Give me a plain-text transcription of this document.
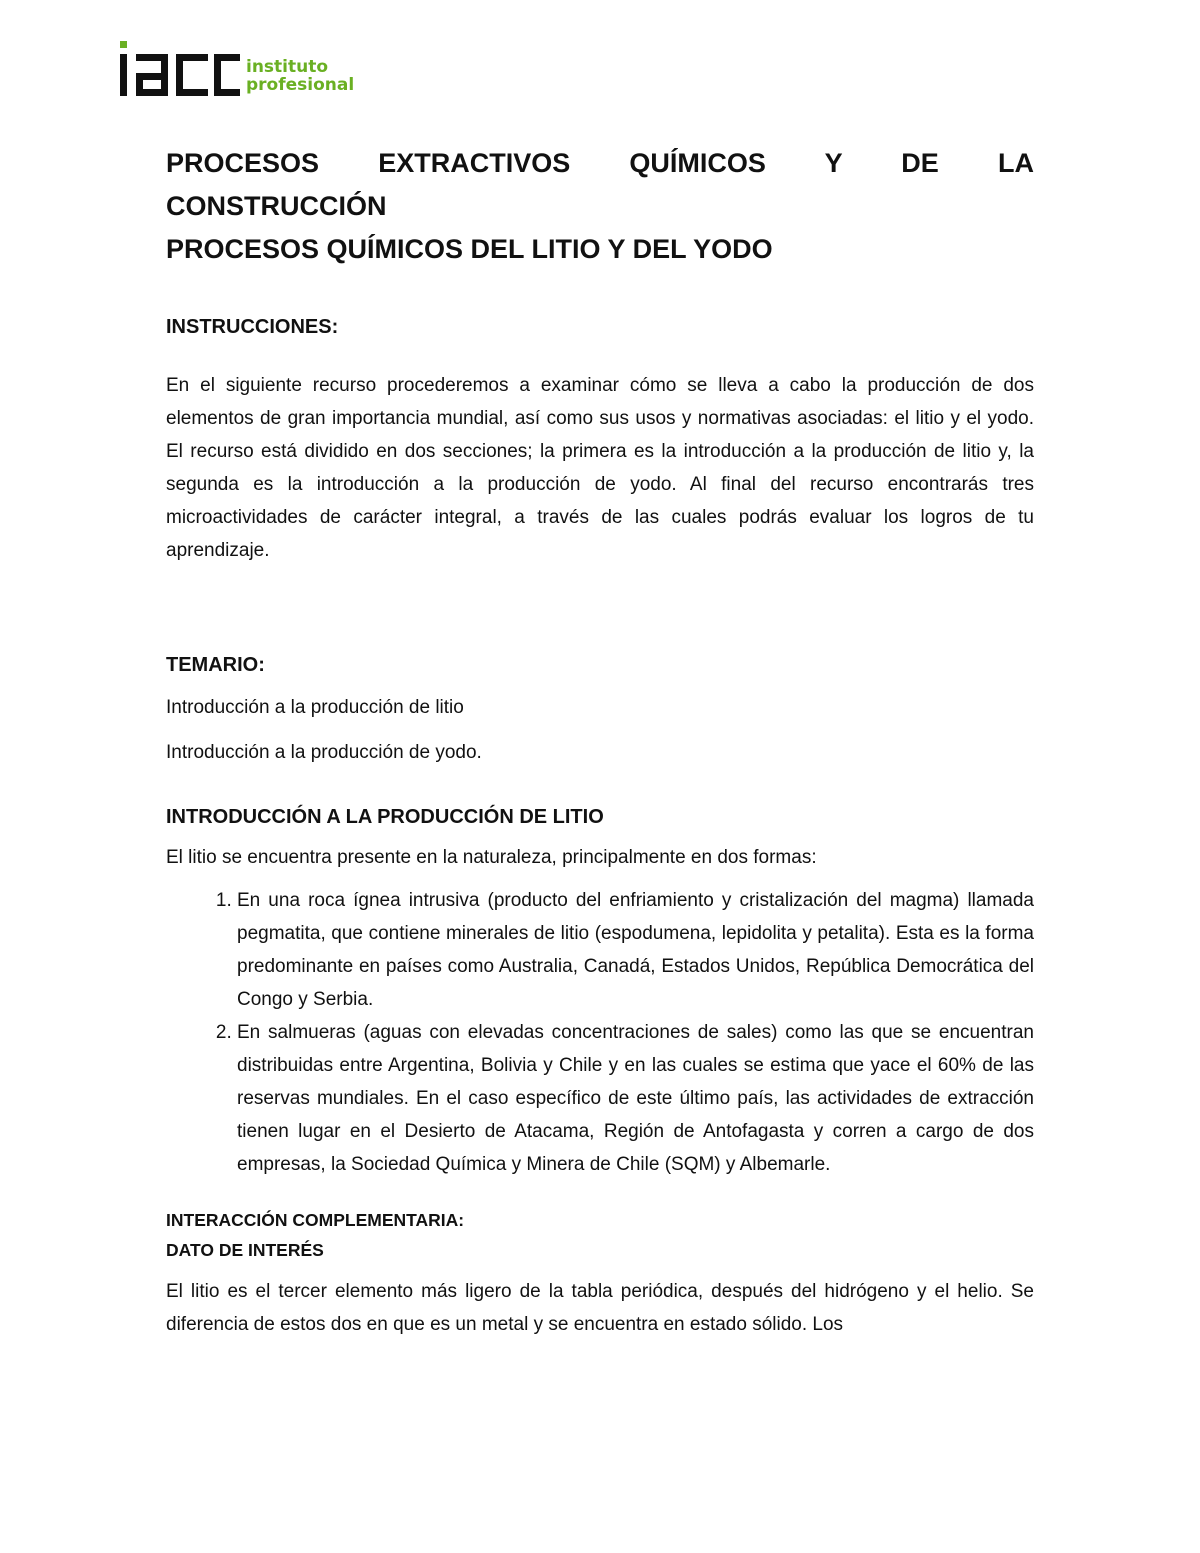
instituto
profesional
PROCESOS EXTRACTIVOS QUÍMICOS Y DE LA
CONSTRUCCIÓN
PROCESOS QUÍMICOS DEL LITIO Y DEL YODO
INSTRUCCIONES:

En el siguiente recurso procederemos a examinar cómo se lleva a cabo la producción de dos elementos de gran importancia mundial, así como sus usos y normativas asociadas: el litio y el yodo. El recurso está dividido en dos secciones; la primera es la introducción a la producción de litio y, la segunda es la introducción a la producción de yodo. Al final del recurso encontrarás tres microactividades de carácter integral, a través de las cuales podrás evaluar los logros de tu aprendizaje.

TEMARIO:

Introducción a la producción de litio

Introducción a la producción de yodo.

INTRODUCCIÓN A LA PRODUCCIÓN DE LITIO

El litio se encuentra presente en la naturaleza, principalmente en dos formas:

1. En una roca ígnea intrusiva (producto del enfriamiento y cristalización del magma) llamada pegmatita, que contiene minerales de litio (espodumena, lepidolita y petalita). Esta es la forma predominante en países como Australia, Canadá, Estados Unidos, República Democrática del Congo y Serbia.
2. En salmueras (aguas con elevadas concentraciones de sales) como las que se encuentran distribuidas entre Argentina, Bolivia y Chile y en las cuales se estima que yace el 60% de las reservas mundiales. En el caso específico de este último país, las actividades de extracción tienen lugar en el Desierto de Atacama, Región de Antofagasta y corren a cargo de dos empresas, la Sociedad Química y Minera de Chile (SQM) y Albemarle.
INTERACCIÓN COMPLEMENTARIA:
DATO DE INTERÉS

El litio es el tercer elemento más ligero de la tabla periódica, después del hidrógeno y el helio. Se diferencia de estos dos en que es un metal y se encuentra en estado sólido. Los
